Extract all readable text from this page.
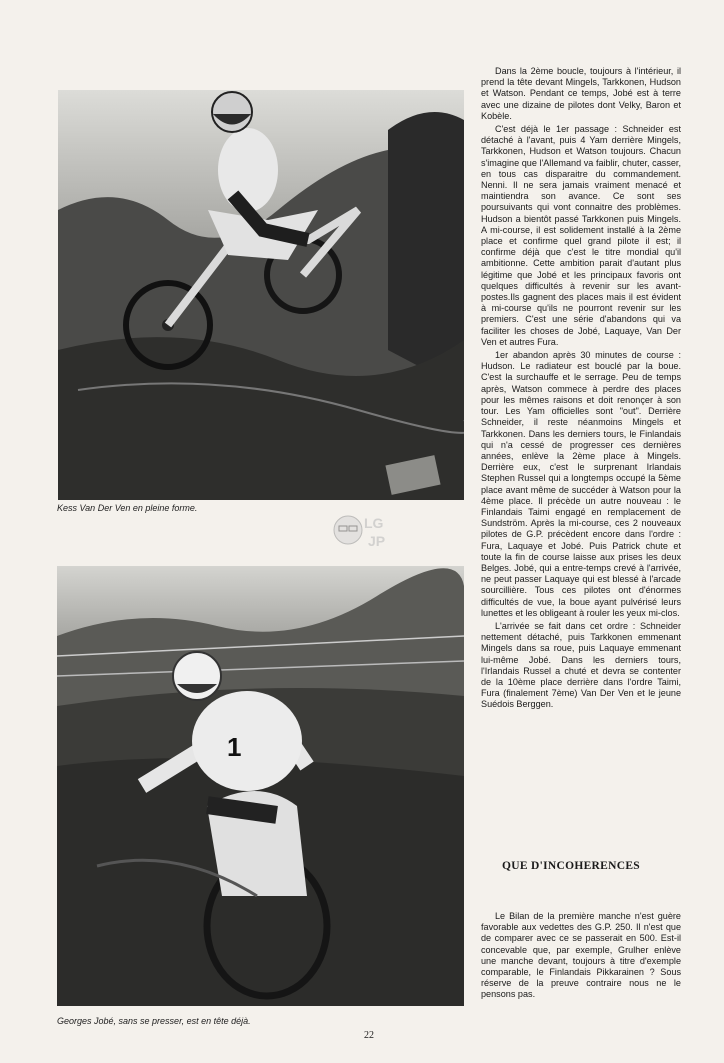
Kess Van Der Ven en pleine forme.
LG
JP
1
Georges Jobé, sans se presser, est en tête déjà.

Dans la 2ème boucle, toujours à l'intérieur, il prend la tête devant Mingels, Tarkkonen, Hudson et Watson. Pendant ce temps, Jobé est à terre avec une dizaine de pilotes dont Velky, Baron et Kobèle.

C'est déjà le 1er passage : Schneider est détaché à l'avant, puis 4 Yam derrière Mingels, Tarkkonen, Hudson et Watson toujours. Chacun s'imagine que l'Allemand va faiblir, chuter, casser, en tous cas disparaitre du commandement. Nenni. Il ne sera jamais vraiment menacé et maintiendra son avance. Ce sont ses poursuivants qui vont connaitre des problèmes. Hudson a bientôt passé Tarkkonen puis Mingels. A mi-course, il est solidement installé à la 2ème place et confirme quel grand pilote il est; il confirme déjà que c'est le titre mondial qu'il ambitionne. Cette ambition parait d'autant plus légitime que Jobé et les principaux favoris ont quelques difficultés à revenir sur les avant-postes.Ils gagnent des places mais il est évident à mi-course qu'ils ne pourront revenir sur les premiers. C'est une série d'abandons qui va faciliter les choses de Jobé, Laquaye, Van Der Ven et autres Fura.

1er abandon après 30 minutes de course : Hudson. Le radiateur est bouclé par la boue. C'est la surchauffe et le serrage. Peu de temps après, Watson commece à perdre des places pour les mêmes raisons et doit renonçer à son tour. Les Yam officielles sont "out". Derrière Schneider, il reste néanmoins Mingels et Tarkkonen. Dans les derniers tours, le Finlandais qui n'a cessé de progresser ces dernières années, enlève la 2ème place à Mingels. Derrière eux, c'est le surprenant Irlandais Stephen Russel qui a longtemps occupé la 5ème place avant même de succéder à Watson pour la 4ème place. Il précède un autre nouveau : le Finlandais Taimi engagé en remplacement de Sundström. Après la mi-course, ces 2 nouveaux pilotes de G.P. précèdent encore dans l'ordre : Fura, Laquaye et Jobé. Puis Patrick chute et toute la fin de course laisse aux prises les deux Belges. Jobé, qui a entre-temps crevé à l'arrivée, ne peut passer Laquaye qui est blessé à l'arcade sourcillière. Tous ces pilotes ont d'énormes difficultés de vue, la boue ayant pulvérisé leurs lunettes et les obligeant à rouler les yeux mi-clos.

L'arrivée se fait dans cet ordre : Schneider nettement détaché, puis Tarkkonen emmenant Mingels dans sa roue, puis Laquaye emmenant lui-même Jobé. Dans les derniers tours, l'Irlandais Russel a chuté et devra se contenter de la 10ème place derrière dans l'ordre Taimi, Fura (finalement 7ème) Van Der Ven et le jeune Suédois Berggen.

QUE D'INCOHERENCES

Le Bilan de la première manche n'est guère favorable aux vedettes des G.P. 250. Il n'est que de comparer avec ce se passerait en 500. Est-il concevable que, par exemple, Grulher enlève une manche devant, toujours à titre d'exemple comparable, le Finlandais Pikkarainen ? Sous réserve de la preuve contraire nous ne le pensons pas.

22
